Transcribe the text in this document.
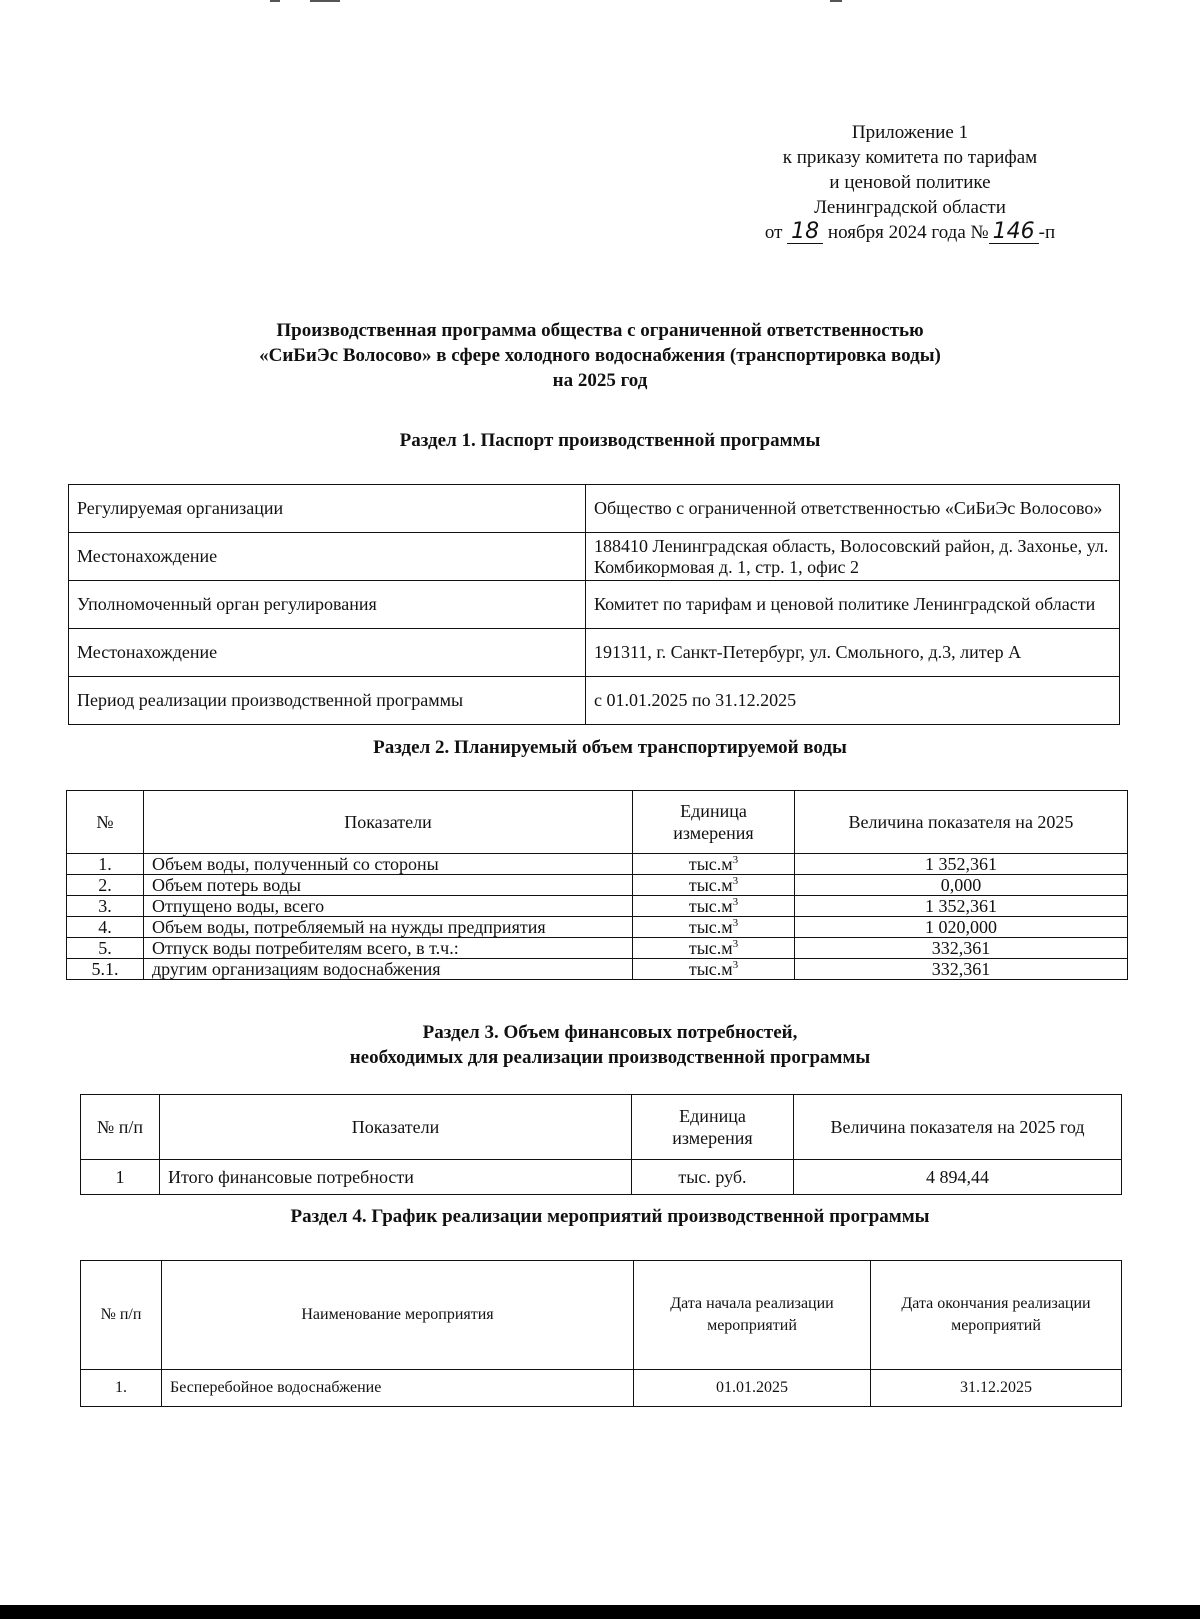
Приложение 1
к приказу комитета по тарифам
и ценовой политике
Ленинградской области
от 18 ноября 2024 года № 146 -п
Производственная программа общества с ограниченной ответственностью
«СиБиЭс Волосово» в сфере холодного водоснабжения (транспортировка воды)
на 2025 год
Раздел 1. Паспорт производственной программы
Регулируемая организации	Общество с ограниченной ответственностью «СиБиЭс Волосово»
Местонахождение	188410 Ленинградская область, Волосовский район, д. Захонье, ул. Комбикормовая д. 1, стр. 1, офис 2
Уполномоченный орган регулирования	Комитет по тарифам и ценовой политике Ленинградской области
Местонахождение	191311, г. Санкт-Петербург, ул. Смольного, д.3, литер А
Период реализации производственной программы	с 01.01.2025 по 31.12.2025
Раздел 2. Планируемый объем транспортируемой воды
№	Показатели	Единица измерения	Величина показателя на 2025
1.	Объем воды, полученный со стороны	$тыс.м^3$	1 352,361
2.	Объем потерь воды	$тыс.м^3$	0,000
3.	Отпущено воды, всего	$тыс.м^3$	1 352,361
4.	Объем воды, потребляемый на нужды предприятия	$тыс.м^3$	1 020,000
5.	Отпуск воды потребителям всего, в т.ч.:	$тыс.м^3$	332,361
5.1.	другим организациям водоснабжения	$тыс.м^3$	332,361
Раздел 3. Объем финансовых потребностей,
необходимых для реализации производственной программы
№ п/п	Показатели	Единица измерения	Величина показателя на 2025 год
1	Итого финансовые потребности	тыс. руб.	4 894,44
Раздел 4. График реализации мероприятий производственной программы
№ п/п	Наименование мероприятия	Дата начала реализации мероприятий	Дата окончания реализации мероприятий
1.	Бесперебойное водоснабжение	01.01.2025	31.12.2025
